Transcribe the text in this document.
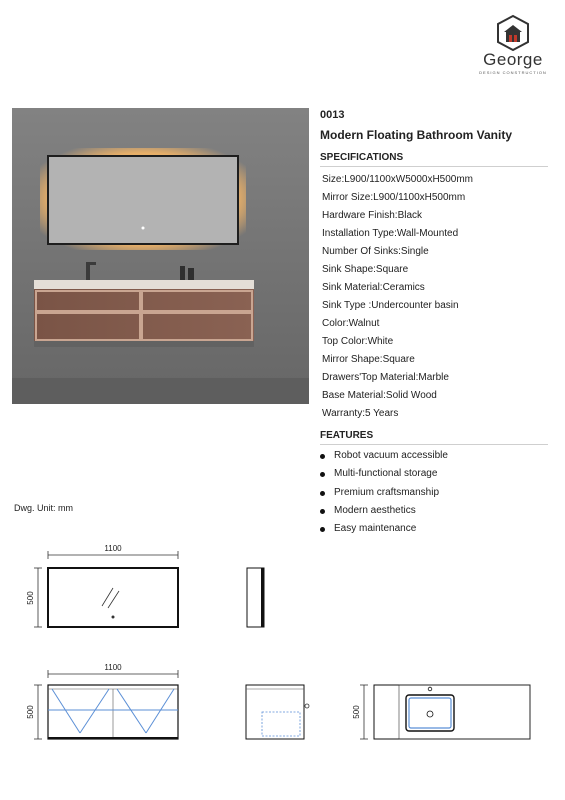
George
DESIGN CONSTRUCTION
0013
Modern Floating Bathroom Vanity
SPECIFICATIONS
Size:L900/1100xW5000xH500mm
Mirror Size:L900/1100xH500mm
Hardware Finish:Black
Installation Type:Wall-Mounted
Number Of Sinks:Single
Sink Shape:Square
Sink Material:Ceramics
Sink Type :Undercounter basin
Color:Walnut
Top Color:White
Mirror Shape:Square
Drawers'Top Material:Marble
Base Material:Solid Wood
Warranty:5 Years
FEATURES
Robot vacuum accessible
Multi-functional storage
Premium craftsmanship
Modern aesthetics
Easy maintenance
Dwg. Unit: mm
1100
500
1100
500	500
